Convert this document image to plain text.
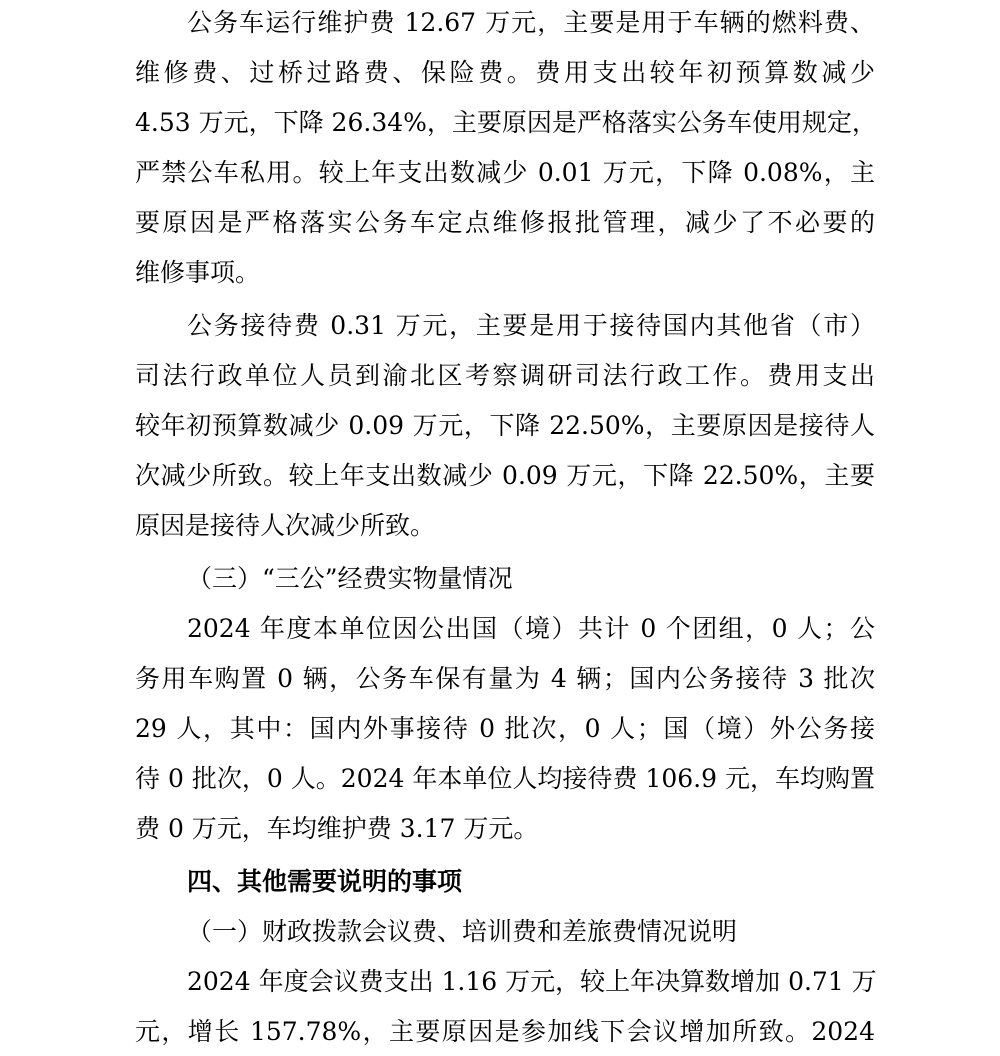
公务车运行维护费 12.67 万元，主要是用于车辆的燃料费、
维修费、过桥过路费、保险费。费用支出较年初预算数减少
4.53 万元，下降 26.34%，主要原因是严格落实公务车使用规定，
严禁公车私用。较上年支出数减少 0.01 万元，下降 0.08%，主
要原因是严格落实公务车定点维修报批管理，减少了不必要的
维修事项。
公务接待费 0.31 万元，主要是用于接待国内其他省（市）
司法行政单位人员到渝北区考察调研司法行政工作。费用支出
较年初预算数减少 0.09 万元，下降 22.50%，主要原因是接待人
次减少所致。较上年支出数减少 0.09 万元，下降 22.50%，主要
原因是接待人次减少所致。
（三）“三公”经费实物量情况
2024 年度本单位因公出国（境）共计 0 个团组，0 人；公
务用车购置 0 辆，公务车保有量为 4 辆；国内公务接待 3 批次
29 人，其中：国内外事接待 0 批次，0 人；国（境）外公务接
待 0 批次，0 人。2024 年本单位人均接待费 106.9 元，车均购置
费 0 万元，车均维护费 3.17 万元。
四、其他需要说明的事项
（一）财政拨款会议费、培训费和差旅费情况说明
2024 年度会议费支出 1.16 万元，较上年决算数增加 0.71 万
元，增长 157.78%，主要原因是参加线下会议增加所致。2024
